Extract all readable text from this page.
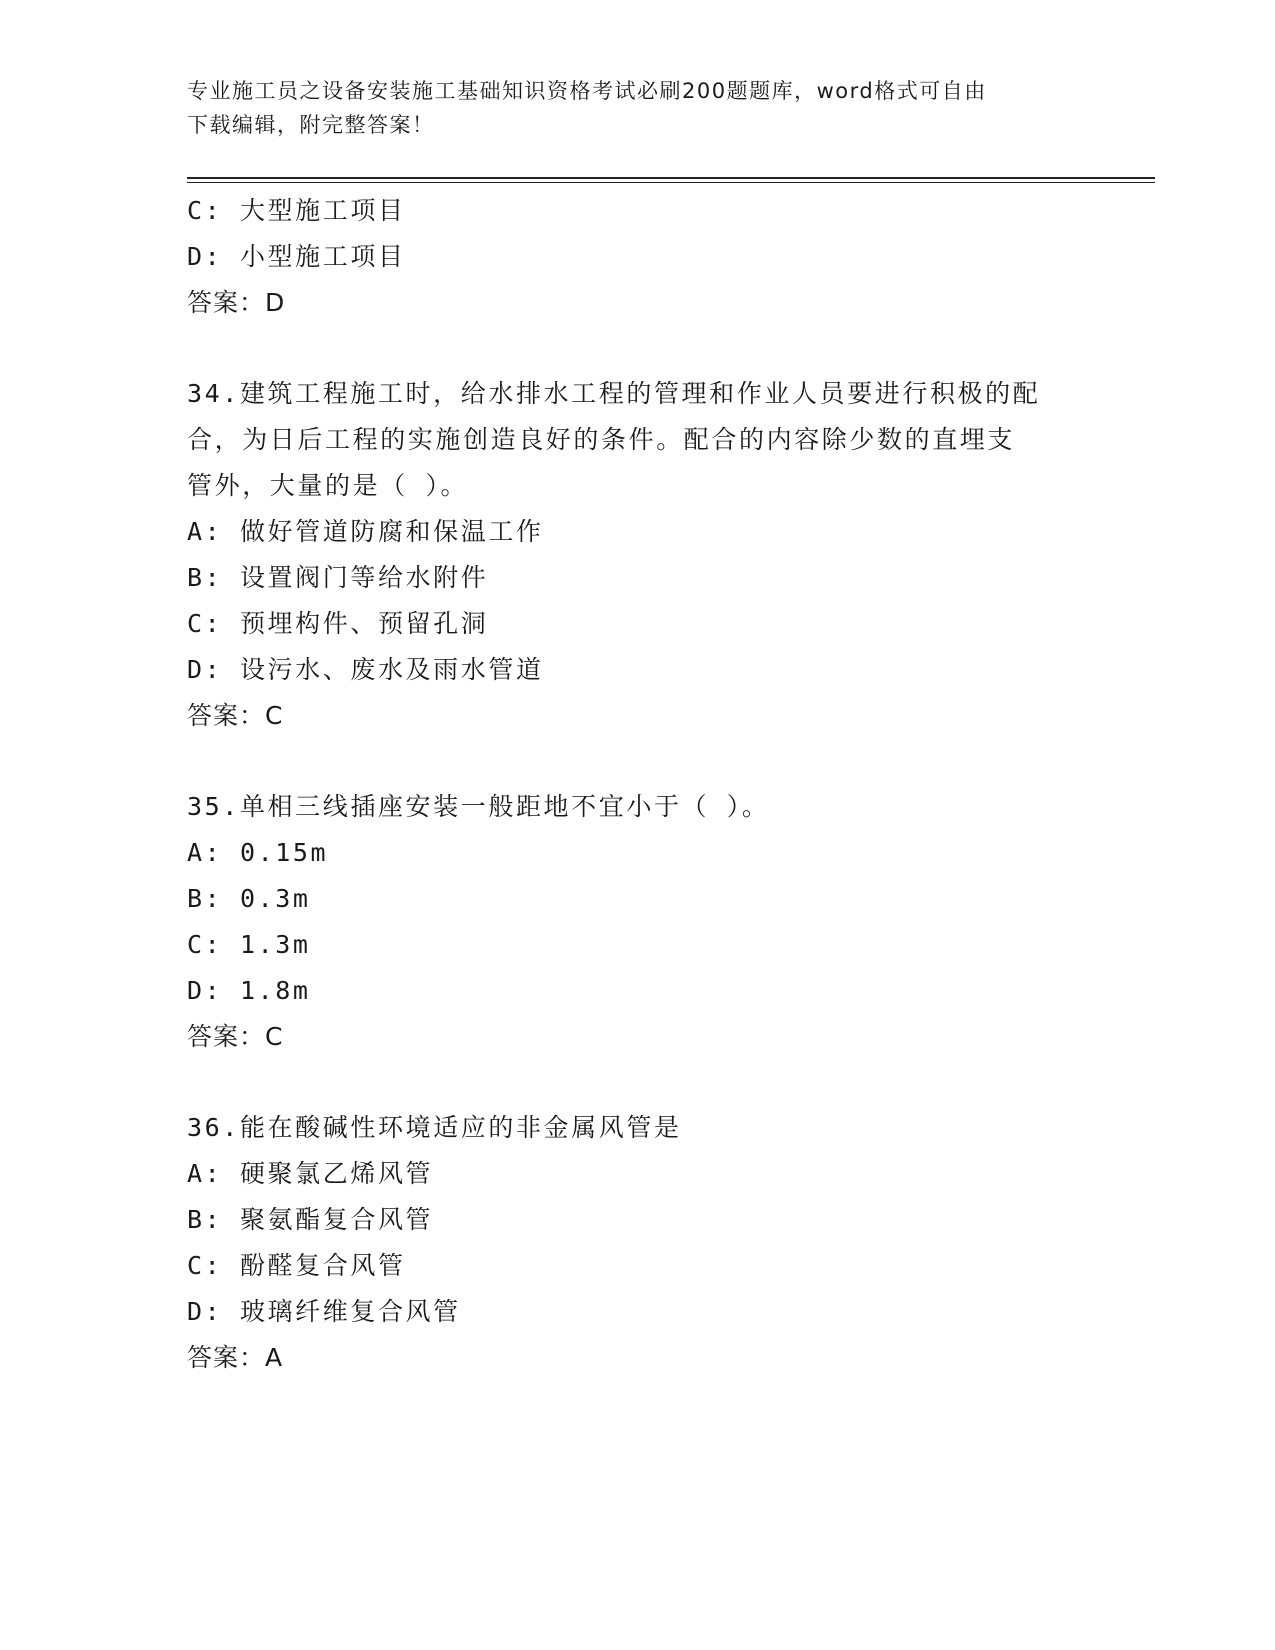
专业施工员之设备安装施工基础知识资格考试必刷200题题库，word格式可自由
下载编辑，附完整答案！
C: 大型施工项目
D: 小型施工项目
答案：D
34.建筑工程施工时，给水排水工程的管理和作业人员要进行积极的配
合，为日后工程的实施创造良好的条件。配合的内容除少数的直埋支
管外，大量的是（ ）。
A: 做好管道防腐和保温工作
B: 设置阀门等给水附件
C: 预埋构件、预留孔洞
D: 设污水、废水及雨水管道
答案：C
35.单相三线插座安装一般距地不宜小于（ ）。
A: 0.15m
B: 0.3m
C: 1.3m
D: 1.8m
答案：C
36.能在酸碱性环境适应的非金属风管是
A: 硬聚氯乙烯风管
B: 聚氨酯复合风管
C: 酚醛复合风管
D: 玻璃纤维复合风管
答案：A
